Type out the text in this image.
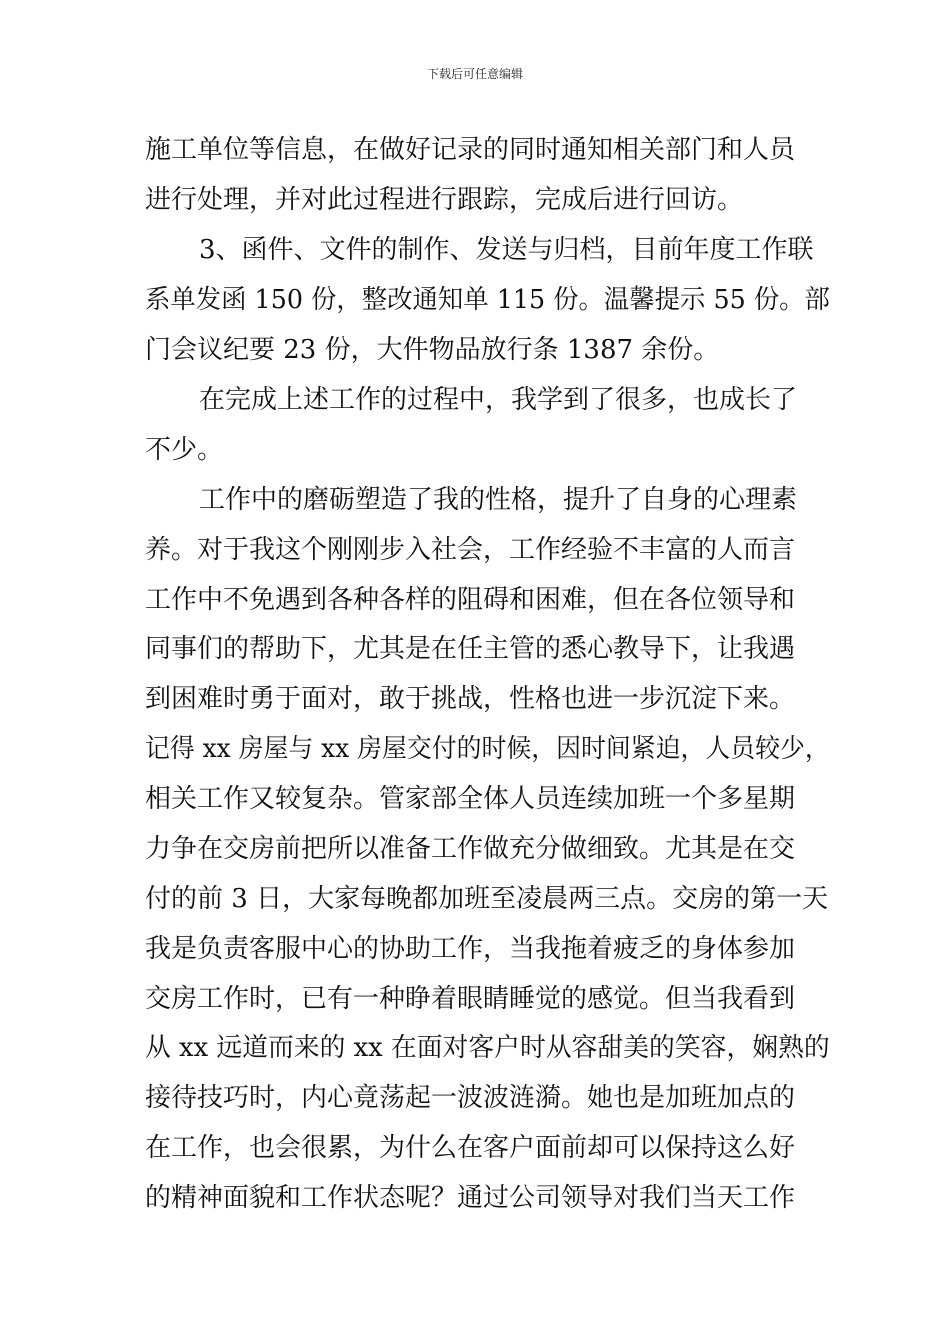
下载后可任意编辑
施工单位等信息，在做好记录的同时通知相关部门和人员
进行处理，并对此过程进行跟踪，完成后进行回访。
3、函件、文件的制作、发送与归档，目前年度工作联
系单发函 150 份，整改通知单 115 份。温馨提示 55 份。部
门会议纪要 23 份，大件物品放行条 1387 余份。
在完成上述工作的过程中，我学到了很多，也成长了
不少。
工作中的磨砺塑造了我的性格，提升了自身的心理素
养。对于我这个刚刚步入社会，工作经验不丰富的人而言
工作中不免遇到各种各样的阻碍和困难，但在各位领导和
同事们的帮助下，尤其是在任主管的悉心教导下，让我遇
到困难时勇于面对，敢于挑战，性格也进一步沉淀下来。
记得 xx 房屋与 xx 房屋交付的时候，因时间紧迫，人员较少，
相关工作又较复杂。管家部全体人员连续加班一个多星期
力争在交房前把所以准备工作做充分做细致。尤其是在交
付的前 3 日，大家每晚都加班至凌晨两三点。交房的第一天
我是负责客服中心的协助工作，当我拖着疲乏的身体参加
交房工作时，已有一种睁着眼睛睡觉的感觉。但当我看到
从 xx 远道而来的 xx 在面对客户时从容甜美的笑容，娴熟的
接待技巧时，内心竟荡起一波波涟漪。她也是加班加点的
在工作，也会很累，为什么在客户面前却可以保持这么好
的精神面貌和工作状态呢？通过公司领导对我们当天工作
